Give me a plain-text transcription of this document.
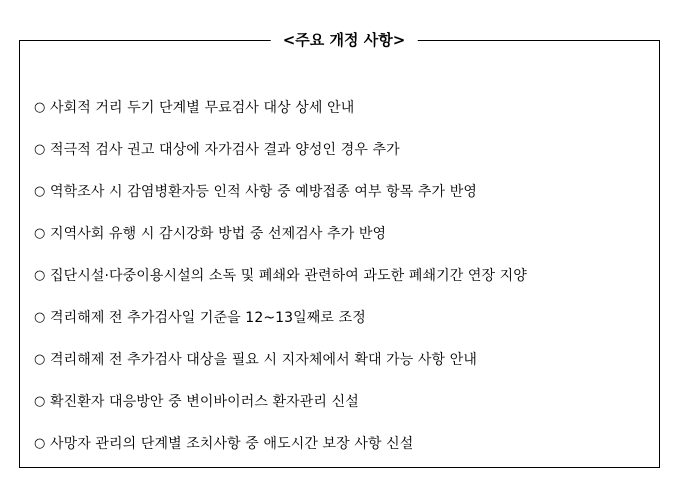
<주요 개정 사항>
○ 사회적 거리 두기 단계별 무료검사 대상 상세 안내
○ 적극적 검사 권고 대상에 자가검사 결과 양성인 경우 추가
○ 역학조사 시 감염병환자등 인적 사항 중 예방접종 여부 항목 추가 반영
○ 지역사회 유행 시 감시강화 방법 중 선제검사 추가 반영
○ 집단시설·다중이용시설의 소독 및 폐쇄와 관련하여 과도한 폐쇄기간 연장 지양
○ 격리해제 전 추가검사일 기준을 12~13일째로 조정
○ 격리해제 전 추가검사 대상을 필요 시 지자체에서 확대 가능 사항 안내
○ 확진환자 대응방안 중 변이바이러스 환자관리 신설
○ 사망자 관리의 단계별 조치사항 중 애도시간 보장 사항 신설
